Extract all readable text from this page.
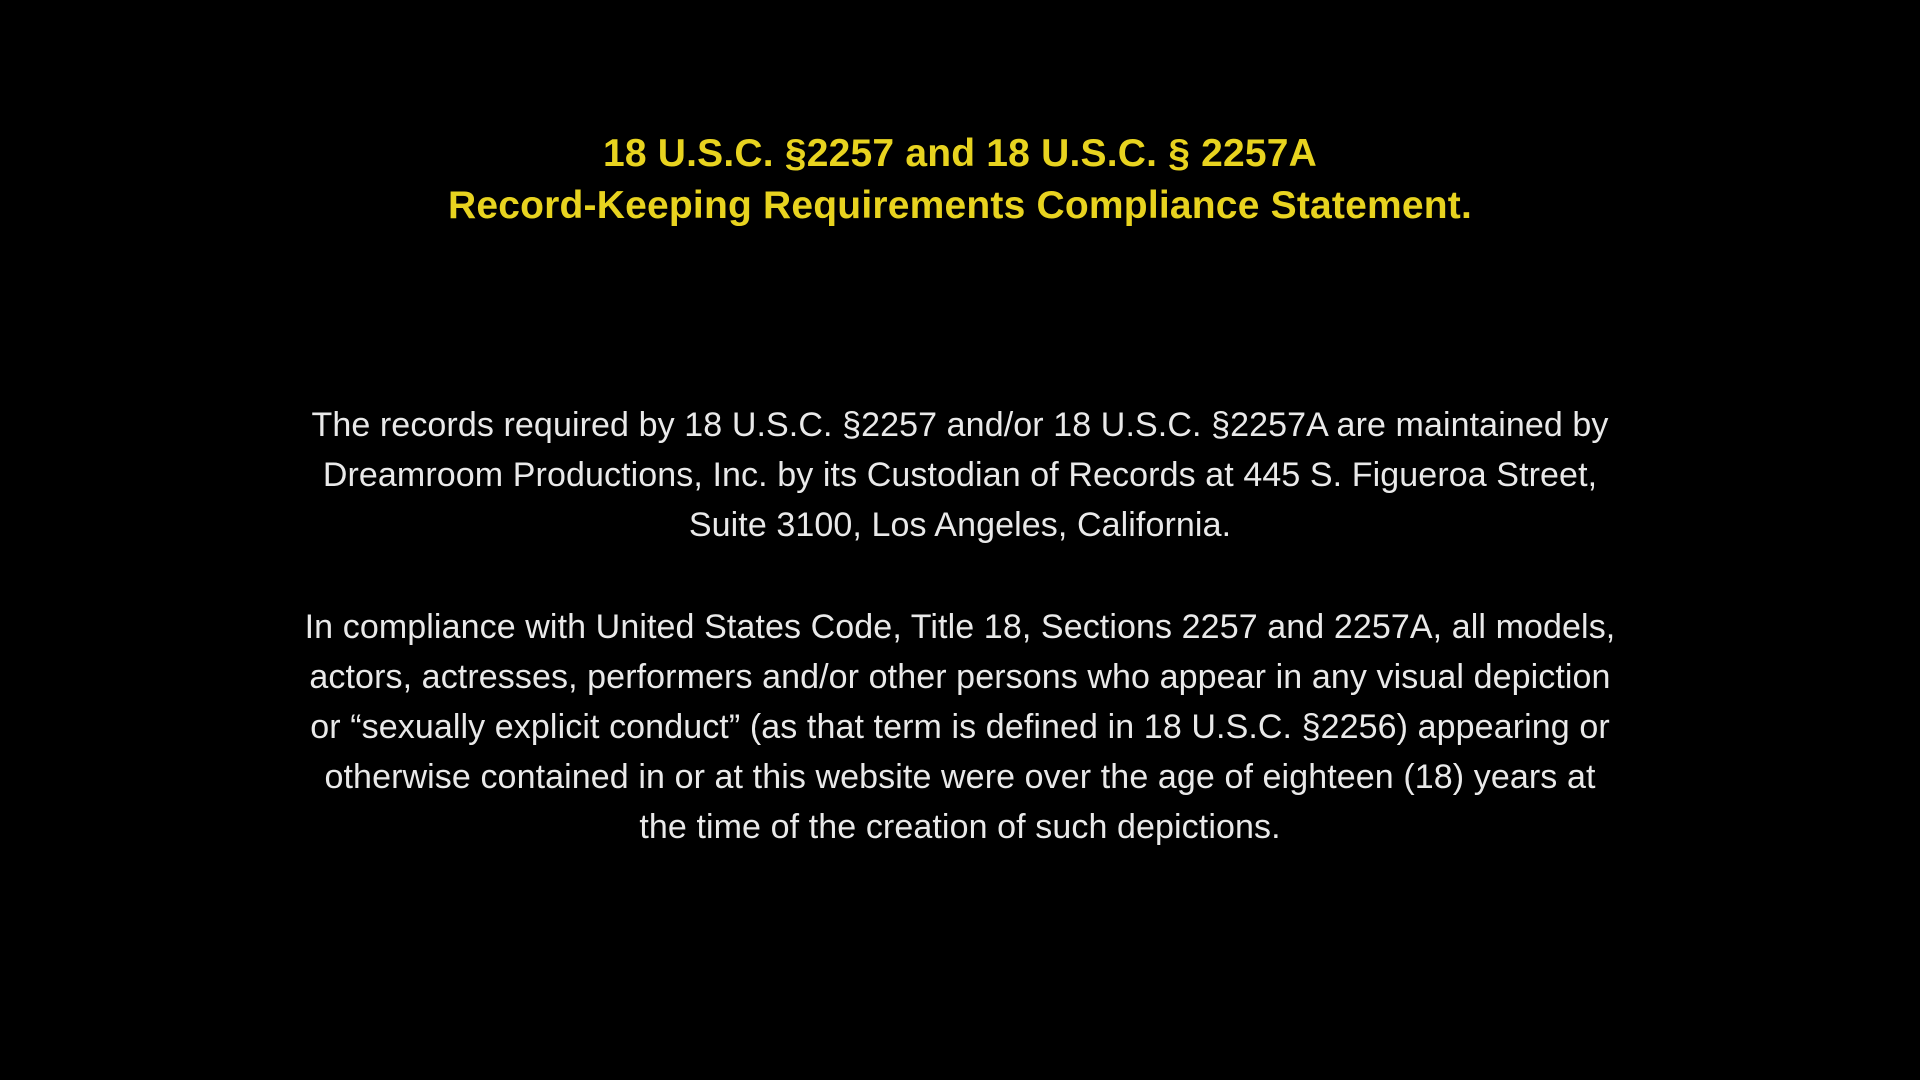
18 U.S.C. §2257 and 18 U.S.C. § 2257A
Record-Keeping Requirements Compliance Statement.

The records required by 18 U.S.C. §2257 and/or 18 U.S.C. §2257A are maintained by
Dreamroom Productions, Inc. by its Custodian of Records at 445 S. Figueroa Street,
Suite 3100, Los Angeles, California.

In compliance with United States Code, Title 18, Sections 2257 and 2257A, all models,
actors, actresses, performers and/or other persons who appear in any visual depiction
or “sexually explicit conduct” (as that term is defined in 18 U.S.C. §2256) appearing or
otherwise contained in or at this website were over the age of eighteen (18) years at
the time of the creation of such depictions.
